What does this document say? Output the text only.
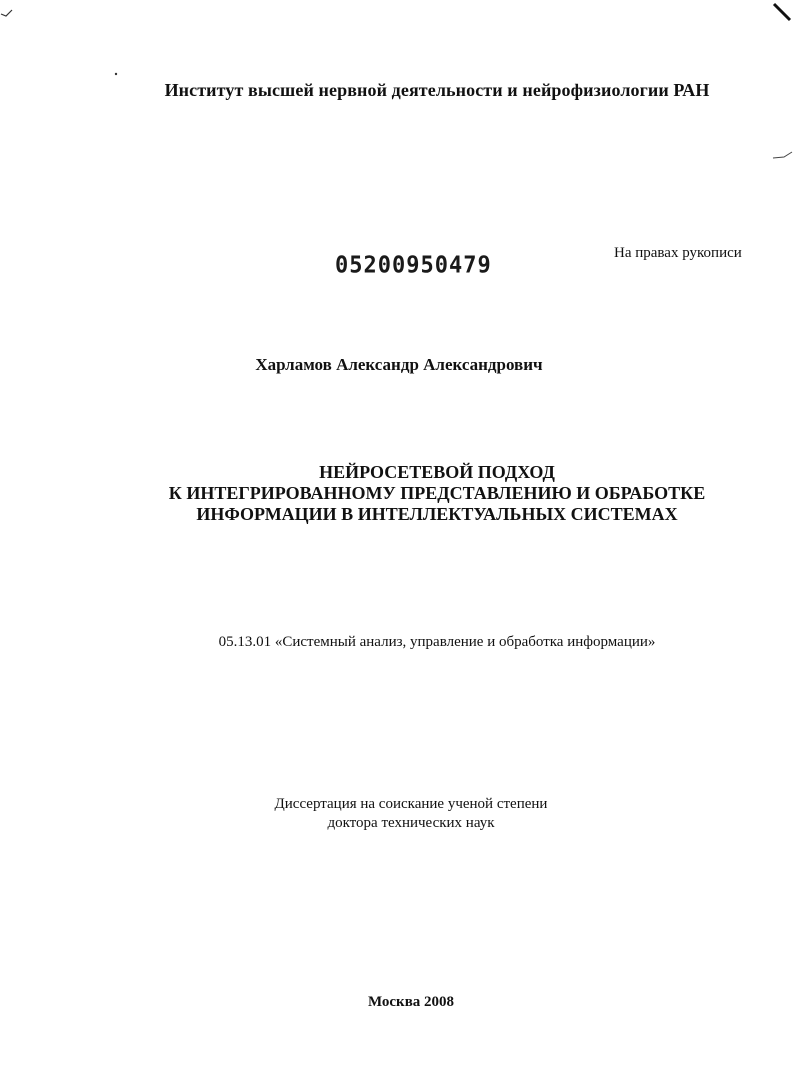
Институт высшей нервной деятельности и нейрофизиологии РАН
На правах рукописи
05200950479
Харламов Александр Александрович
НЕЙРОСЕТЕВОЙ ПОДХОД
К ИНТЕГРИРОВАННОМУ ПРЕДСТАВЛЕНИЮ И ОБРАБОТКЕ
ИНФОРМАЦИИ В ИНТЕЛЛЕКТУАЛЬНЫХ СИСТЕМАХ
05.13.01 «Системный анализ, управление и обработка информации»
Диссертация на соискание ученой степени
доктора технических наук
Москва 2008
